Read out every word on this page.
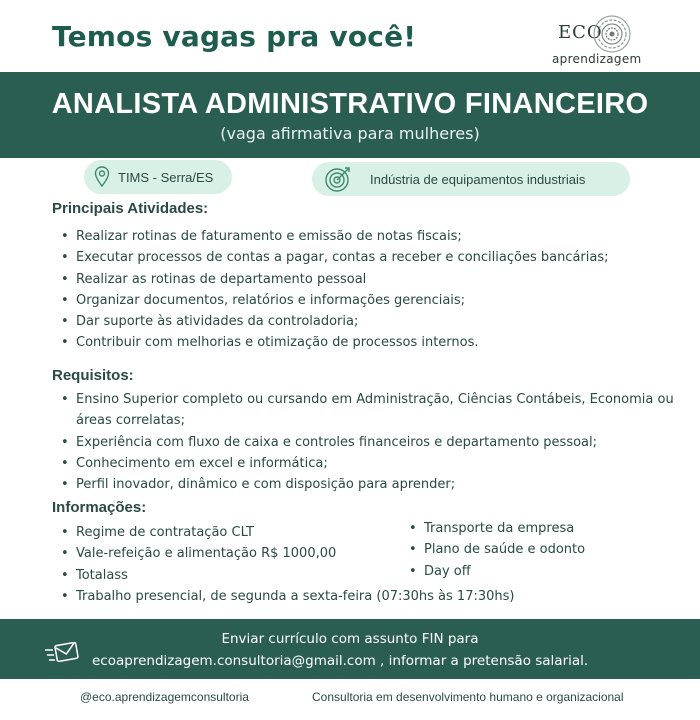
Temos vagas pra você!	ECO
aprendizagem
ANALISTA ADMINISTRATIVO FINANCEIRO
(vaga afirmativa para mulheres)
TIMS - Serra/ES	Indústria de equipamentos industriais
Principais Atividades:
• Realizar rotinas de faturamento e emissão de notas fiscais;
• Executar processos de contas a pagar, contas a receber e conciliações bancárias;
• Realizar as rotinas de departamento pessoal
• Organizar documentos, relatórios e informações gerenciais;
• Dar suporte às atividades da controladoria;
• Contribuir com melhorias e otimização de processos internos.
Requisitos:
• Ensino Superior completo ou cursando em Administração, Ciências Contábeis, Economia ou áreas correlatas;
• Experiência com fluxo de caixa e controles financeiros e departamento pessoal;
• Conhecimento em excel e informática;
• Perfil inovador, dinâmico e com disposição para aprender;
Informações:
• Regime de contratação CLT
• Vale-refeição e alimentação R$ 1000,00
• Totalass
• Trabalho presencial, de segunda a sexta-feira (07:30hs às 17:30hs)
• Transporte da empresa
• Plano de saúde e odonto
• Day off
Enviar currículo com assunto FIN para
ecoaprendizagem.consultoria@gmail.com , informar a pretensão salarial.
@eco.aprendizagemconsultoria	Consultoria em desenvolvimento humano e organizacional
